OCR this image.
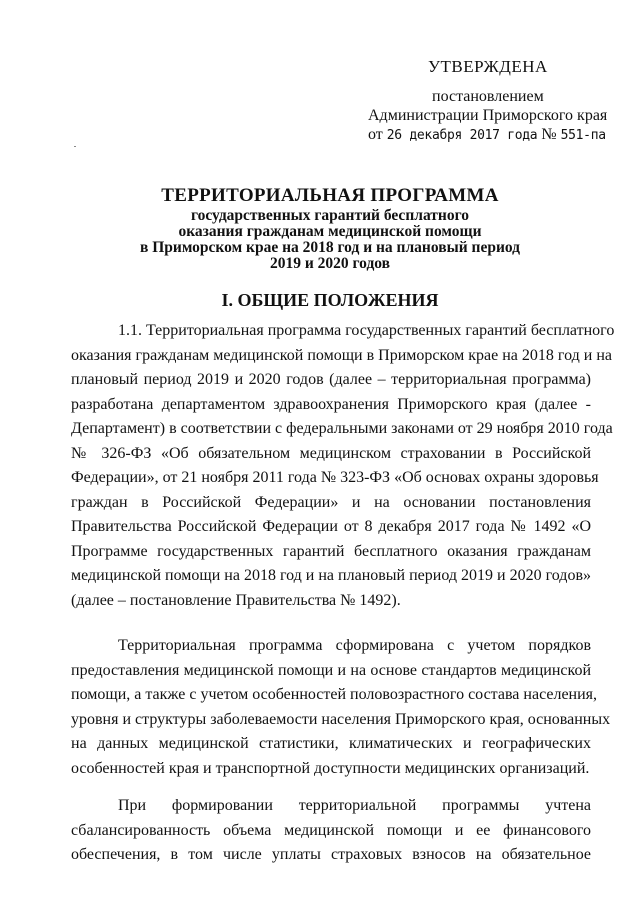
УТВЕРЖДЕНА
постановлением
Администрации Приморского края
от 26 декабря 2017 года № 551-па
ТЕРРИТОРИАЛЬНАЯ ПРОГРАММА
государственных гарантий бесплатного
оказания гражданам медицинской помощи
в Приморском крае на 2018 год и на плановый период
2019 и 2020 годов
I. ОБЩИЕ ПОЛОЖЕНИЯ
1.1. Территориальная программа государственных гарантий бесплатного
оказания гражданам медицинской помощи в Приморском крае на 2018 год и на
плановый период 2019 и 2020 годов (далее – территориальная программа)
разработана департаментом здравоохранения Приморского края (далее -
Департамент) в соответствии с федеральными законами от 29 ноября 2010 года
№ 326-ФЗ «Об обязательном медицинском страховании в Российской
Федерации», от 21 ноября 2011 года № 323-ФЗ «Об основах охраны здоровья
граждан в Российской Федерации» и на основании постановления
Правительства Российской Федерации от 8 декабря 2017 года № 1492 «О
Программе государственных гарантий бесплатного оказания гражданам
медицинской помощи на 2018 год и на плановый период 2019 и 2020 годов»
(далее – постановление Правительства № 1492).
Территориальная программа сформирована с учетом порядков
предоставления медицинской помощи и на основе стандартов медицинской
помощи, а также с учетом особенностей половозрастного состава населения,
уровня и структуры заболеваемости населения Приморского края, основанных
на данных медицинской статистики, климатических и географических
особенностей края и транспортной доступности медицинских организаций.
При формировании территориальной программы учтена
сбалансированность объема медицинской помощи и ее финансового
обеспечения, в том числе уплаты страховых взносов на обязательное
